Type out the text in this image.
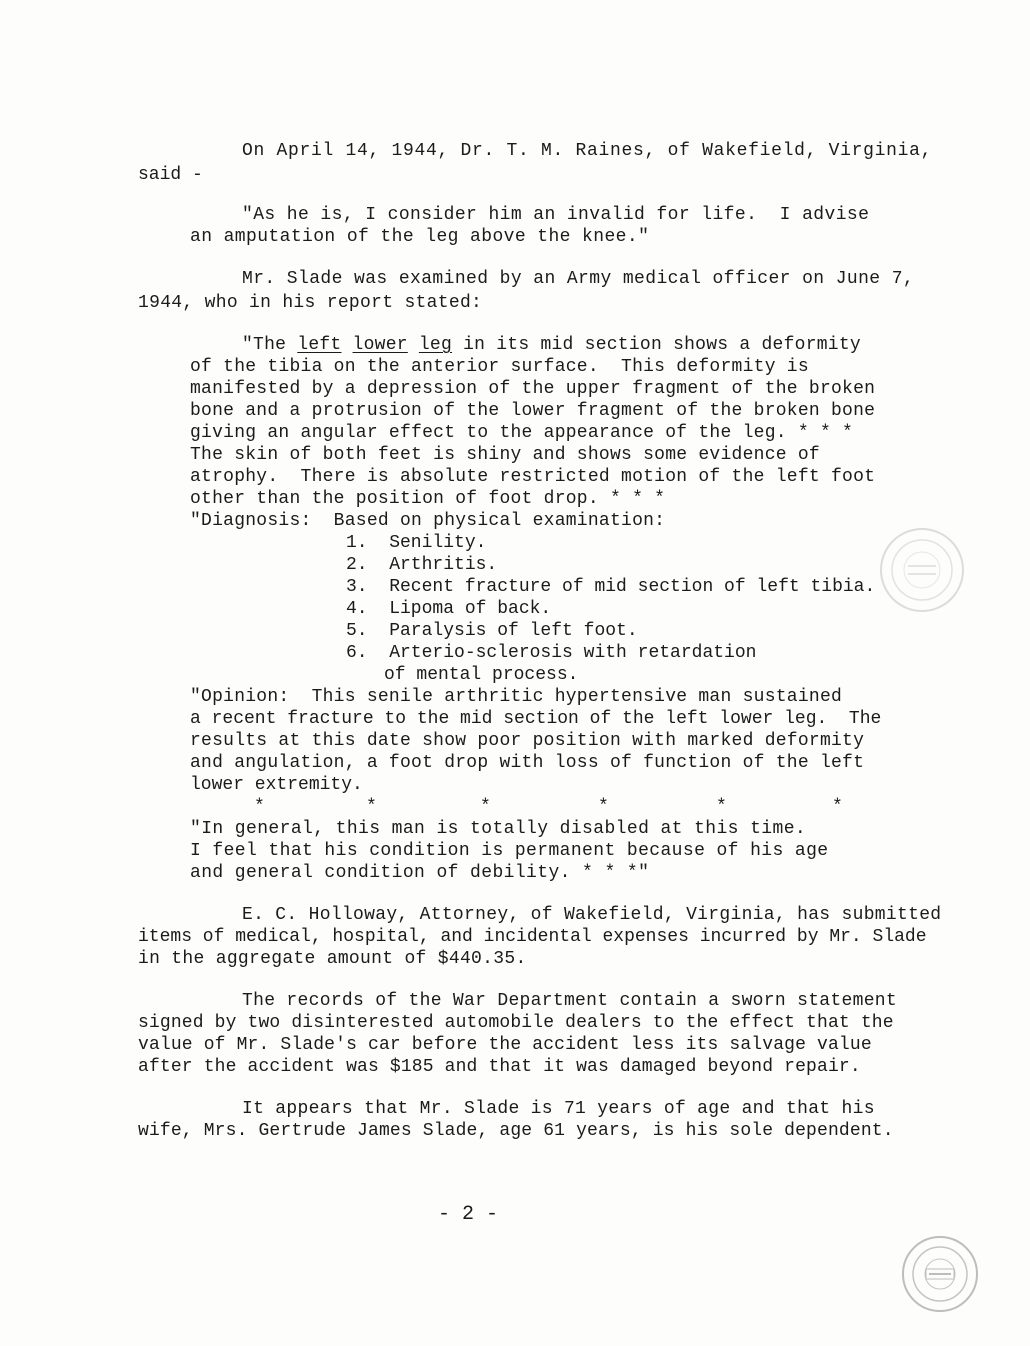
On April 14, 1944, Dr. T. M. Raines, of Wakefield, Virginia,
said -
"As he is, I consider him an invalid for life.  I advise
an amputation of the leg above the knee."
Mr. Slade was examined by an Army medical officer on June 7,
1944, who in his report stated:
"The left lower leg in its mid section shows a deformity
of the tibia on the anterior surface.  This deformity is
manifested by a depression of the upper fragment of the broken
bone and a protrusion of the lower fragment of the broken bone
giving an angular effect to the appearance of the leg. * * *
The skin of both feet is shiny and shows some evidence of
atrophy.  There is absolute restricted motion of the left foot
other than the position of foot drop. * * *
"Diagnosis:  Based on physical examination:
1.  Senility.
2.  Arthritis.
3.  Recent fracture of mid section of left tibia.
4.  Lipoma of back.
5.  Paralysis of left foot.
6.  Arterio-sclerosis with retardation
of mental process.
"Opinion:  This senile arthritic hypertensive man sustained
a recent fracture to the mid section of the left lower leg.  The
results at this date show poor position with marked deformity
and angulation, a foot drop with loss of function of the left
lower extremity.
*	*	*	*	*	*
"In general, this man is totally disabled at this time.
I feel that his condition is permanent because of his age
and general condition of debility. * * *"
E. C. Holloway, Attorney, of Wakefield, Virginia, has submitted
items of medical, hospital, and incidental expenses incurred by Mr. Slade
in the aggregate amount of $440.35.
The records of the War Department contain a sworn statement
signed by two disinterested automobile dealers to the effect that the
value of Mr. Slade's car before the accident less its salvage value
after the accident was $185 and that it was damaged beyond repair.
It appears that Mr. Slade is 71 years of age and that his
wife, Mrs. Gertrude James Slade, age 61 years, is his sole dependent.
- 2 -
